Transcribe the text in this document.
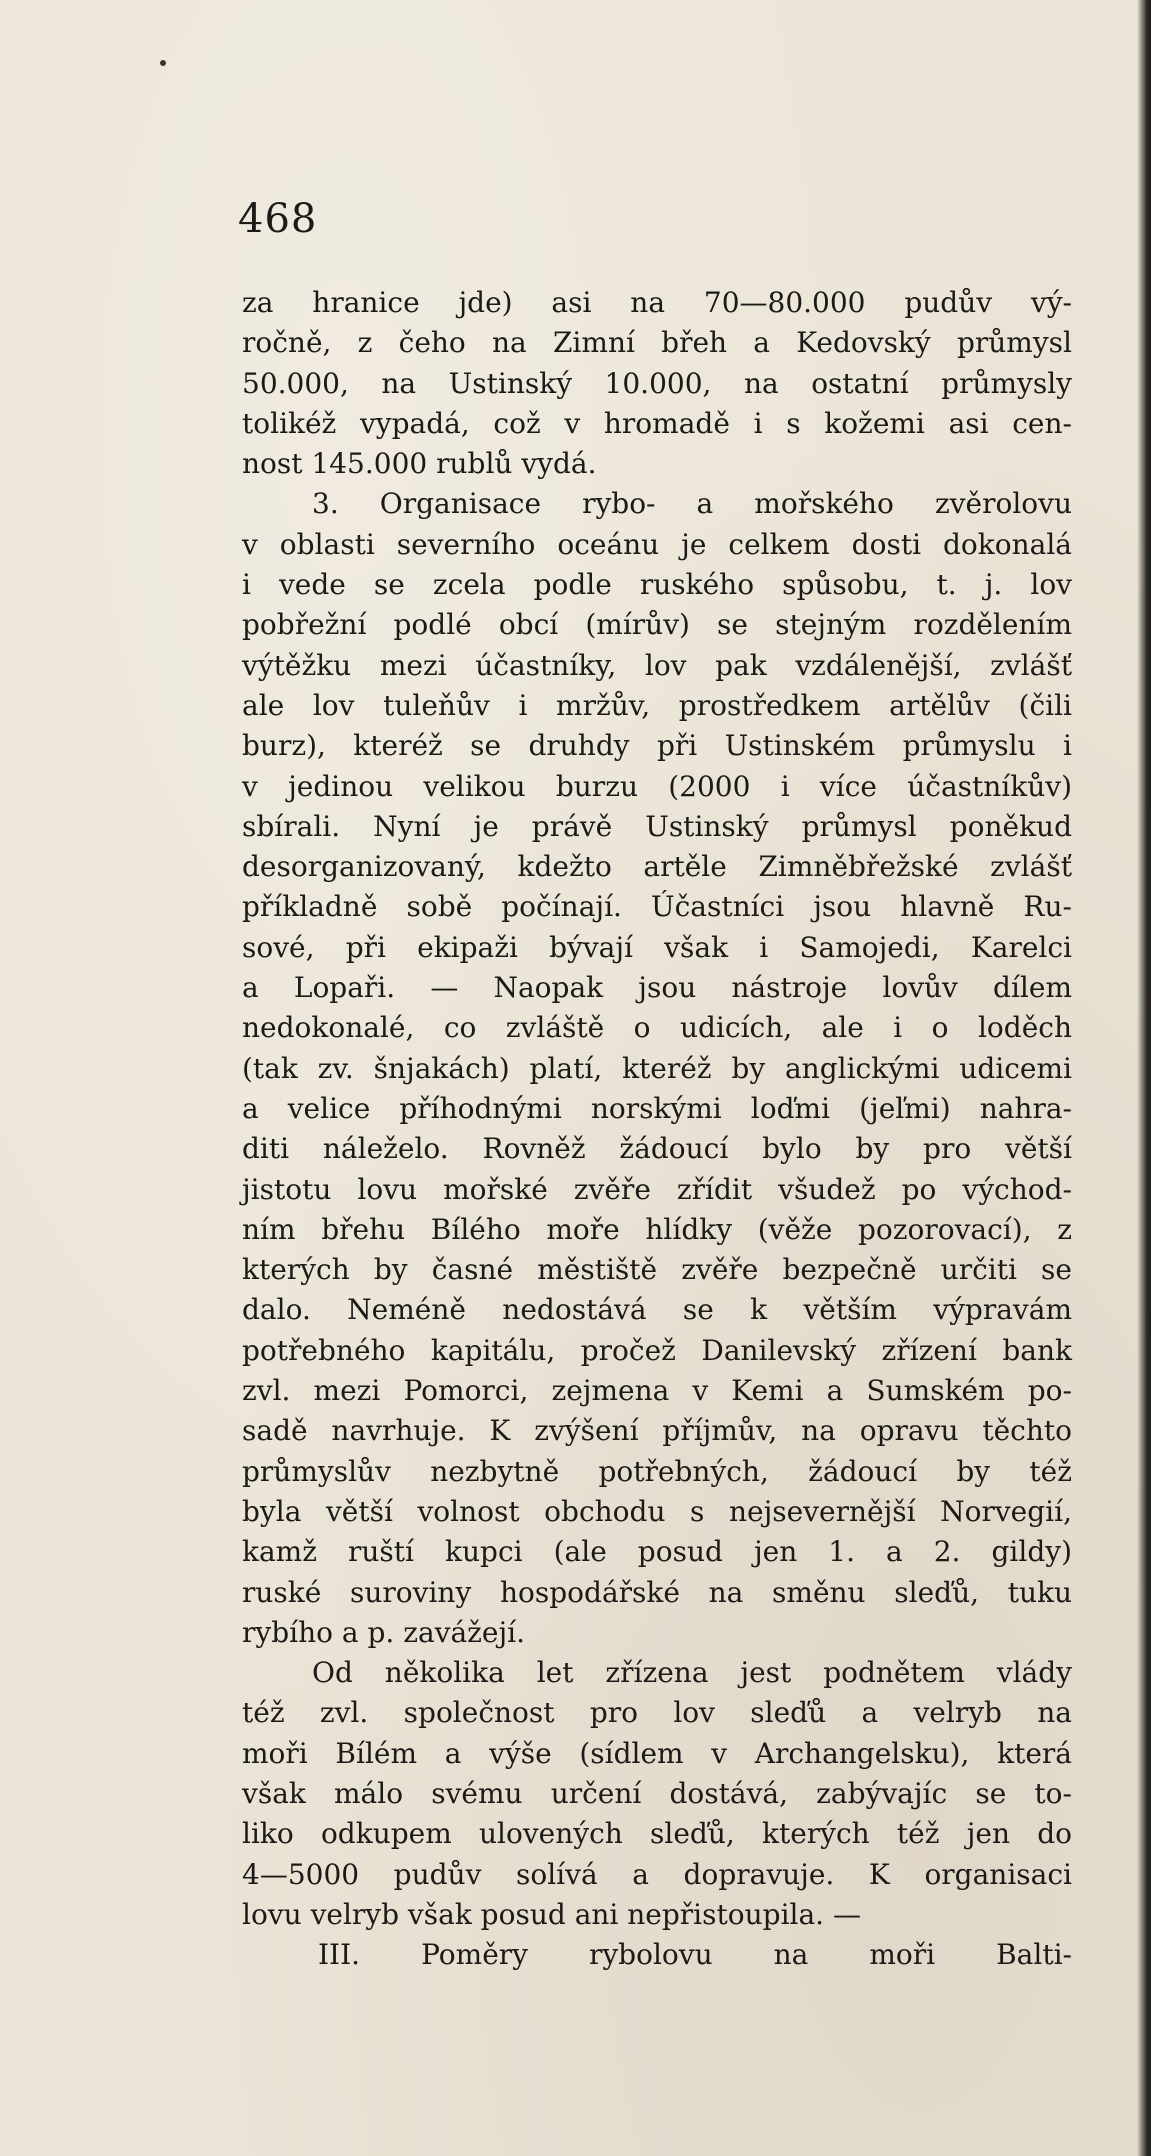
468
za hranice jde) asi na 70—80.000 pudův vý-
ročně, z čeho na Zimní břeh a Kedovský průmysl
50.000, na Ustinský 10.000, na ostatní průmysly
tolikéž vypadá, což v hromadě i s kožemi asi cen-
nost 145.000 rublů vydá.
3. Organisace rybo- a mořského zvěrolovu
v oblasti severního oceánu je celkem dosti dokonalá
i vede se zcela podle ruského spůsobu, t. j. lov
pobřežní podlé obcí (mírův) se stejným rozdělením
výtěžku mezi účastníky, lov pak vzdálenější, zvlášť
ale lov tuleňův i mržův, prostředkem artělův (čili
burz), kteréž se druhdy při Ustinském průmyslu i
v jedinou velikou burzu (2000 i více účastníkův)
sbírali. Nyní je právě Ustinský průmysl poněkud
desorganizovaný, kdežto artěle Zimněbřežské zvlášť
příkladně sobě počínají. Účastníci jsou hlavně Ru-
sové, při ekipaži bývají však i Samojedi, Karelci
a Lopaři. — Naopak jsou nástroje lovův dílem
nedokonalé, co zvláště o udicích, ale i o loděch
(tak zv. šnjakách) platí, kteréž by anglickými udicemi
a velice příhodnými norskými loďmi (jeľmi) nahra-
diti náleželo. Rovněž žádoucí bylo by pro větší
jistotu lovu mořské zvěře zřídit všudež po východ-
ním břehu Bílého moře hlídky (věže pozorovací), z
kterých by časné městiště zvěře bezpečně určiti se
dalo. Neméně nedostává se k větším výpravám
potřebného kapitálu, pročež Danilevský zřízení bank
zvl. mezi Pomorci, zejmena v Kemi a Sumském po-
sadě navrhuje. K zvýšení příjmův, na opravu těchto
průmyslův nezbytně potřebných, žádoucí by též
byla větší volnost obchodu s nejsevernější Norvegií,
kamž ruští kupci (ale posud jen 1. a 2. gildy)
ruské suroviny hospodářské na směnu sleďů, tuku
rybího a p. zavážejí.
Od několika let zřízena jest podnětem vlády
též zvl. společnost pro lov sleďů a velryb na
moři Bílém a výše (sídlem v Archangelsku), která
však málo svému určení dostává, zabývajíc se to-
liko odkupem ulovených sleďů, kterých též jen do
4—5000 pudův solívá a dopravuje. K organisaci
lovu velryb však posud ani nepřistoupila. —
III. Poměry rybolovu na moři Balti-
